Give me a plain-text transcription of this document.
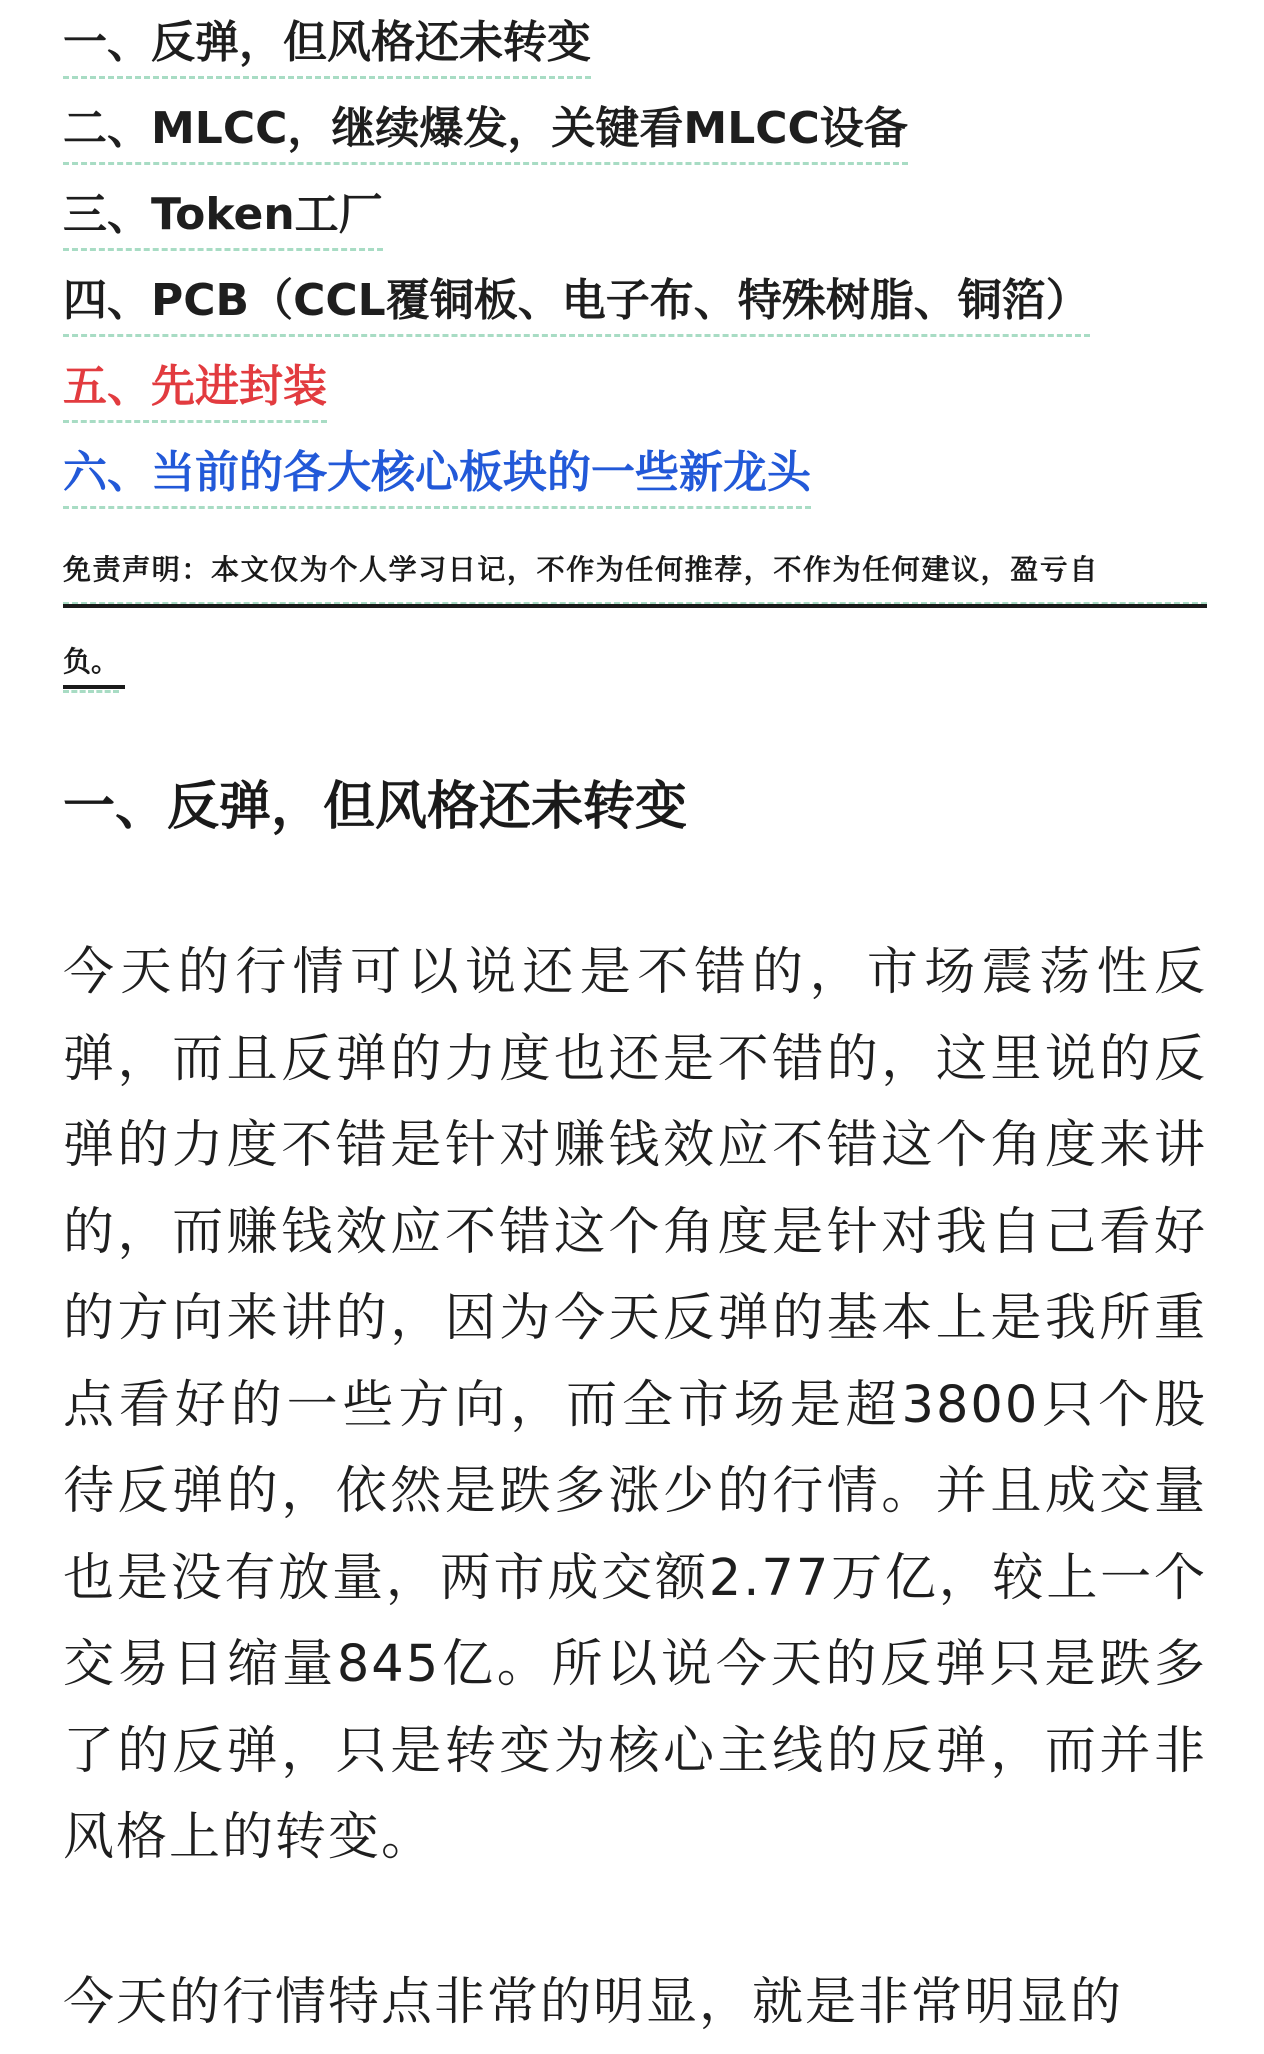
一、反弹，但风格还未转变
二、MLCC，继续爆发，关键看MLCC设备
三、Token工厂
四、PCB（CCL覆铜板、电子布、特殊树脂、铜箔）
五、先进封装
六、当前的各大核心板块的一些新龙头
免责声明：本文仅为个人学习日记，不作为任何推荐，不作为任何建议，盈亏自
负。
一、反弹，但风格还未转变

今天的行情可以说还是不错的，市场震荡性反弹，而且反弹的力度也还是不错的，这里说的反弹的力度不错是针对赚钱效应不错这个角度来讲的，而赚钱效应不错这个角度是针对我自己看好的方向来讲的，因为今天反弹的基本上是我所重点看好的一些方向，而全市场是超3800只个股待反弹的，依然是跌多涨少的行情。并且成交量也是没有放量，两市成交额2.77万亿，较上一个交易日缩量845亿。所以说今天的反弹只是跌多了的反弹，只是转变为核心主线的反弹，而并非风格上的转变。

今天的行情特点非常的明显，就是非常明显的
